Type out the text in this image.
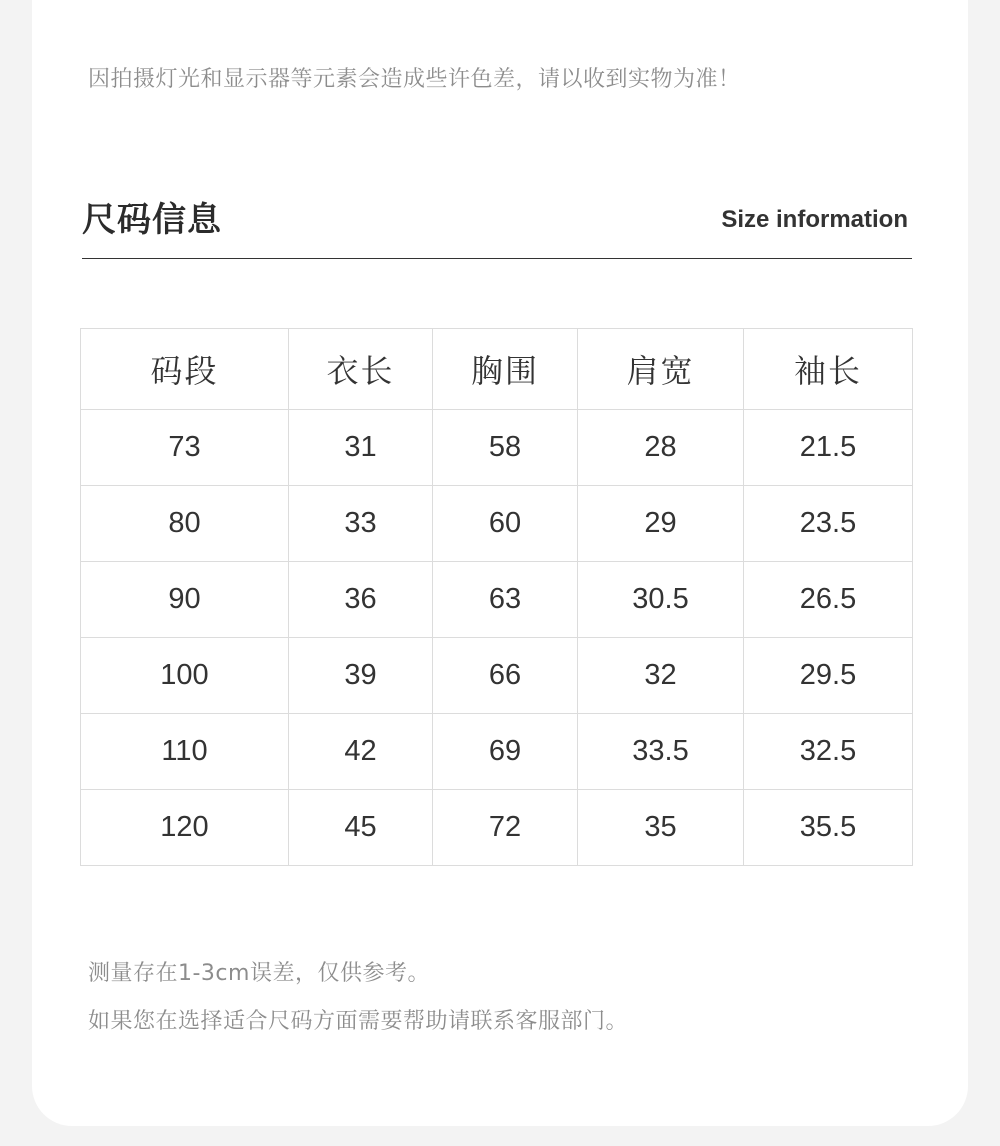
因拍摄灯光和显示器等元素会造成些许色差，请以收到实物为准！
尺码信息	Size information
码段	衣长	胸围	肩宽	袖长
73	31	58	28	21.5
80	33	60	29	23.5
90	36	63	30.5	26.5
100	39	66	32	29.5
110	42	69	33.5	32.5
120	45	72	35	35.5
测量存在1-3cm误差，仅供参考。
如果您在选择适合尺码方面需要帮助请联系客服部门。
